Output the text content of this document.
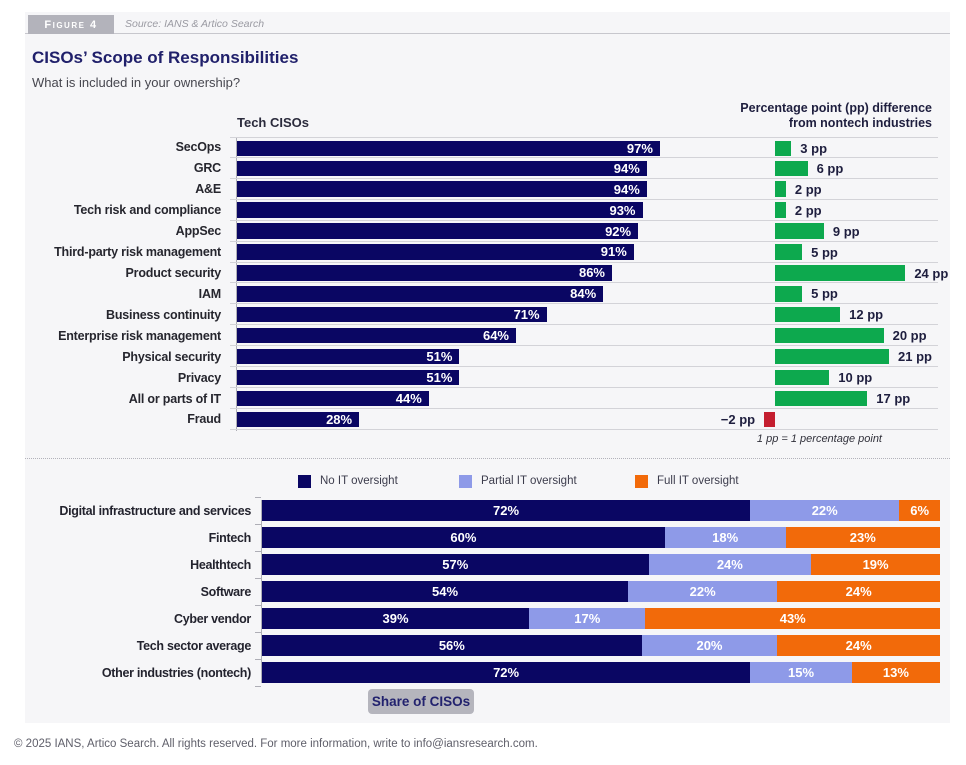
Figure 4	Source: IANS & Artico Search
CISOs’ Scope of Responsibilities
What is included in your ownership?
Tech CISOs
Percentage point (pp) difference
from nontech industries
SecOps	97%	3 pp
GRC	94%	6 pp
A&E	94%	2 pp
Tech risk and compliance	93%	2 pp
AppSec	92%	9 pp
Third-party risk management	91%	5 pp
Product security	86%	24 pp
IAM	84%	5 pp
Business continuity	71%	12 pp
Enterprise risk management	64%	20 pp
Physical security	51%	21 pp
Privacy	51%	10 pp
All or parts of IT	44%	17 pp
Fraud	28%	−2 pp
1 pp = 1 percentage point
No IT oversight	Partial IT oversight	Full IT oversight
Digital infrastructure and services	72%	22%	6%
Fintech	60%	18%	23%
Healthtech	57%	24%	19%
Software	54%	22%	24%
Cyber vendor	39%	17%	43%
Tech sector average	56%	20%	24%
Other industries (nontech)	72%	15%	13%
Share of CISOs
© 2025 IANS, Artico Search. All rights reserved. For more information, write to info@iansresearch.com.
